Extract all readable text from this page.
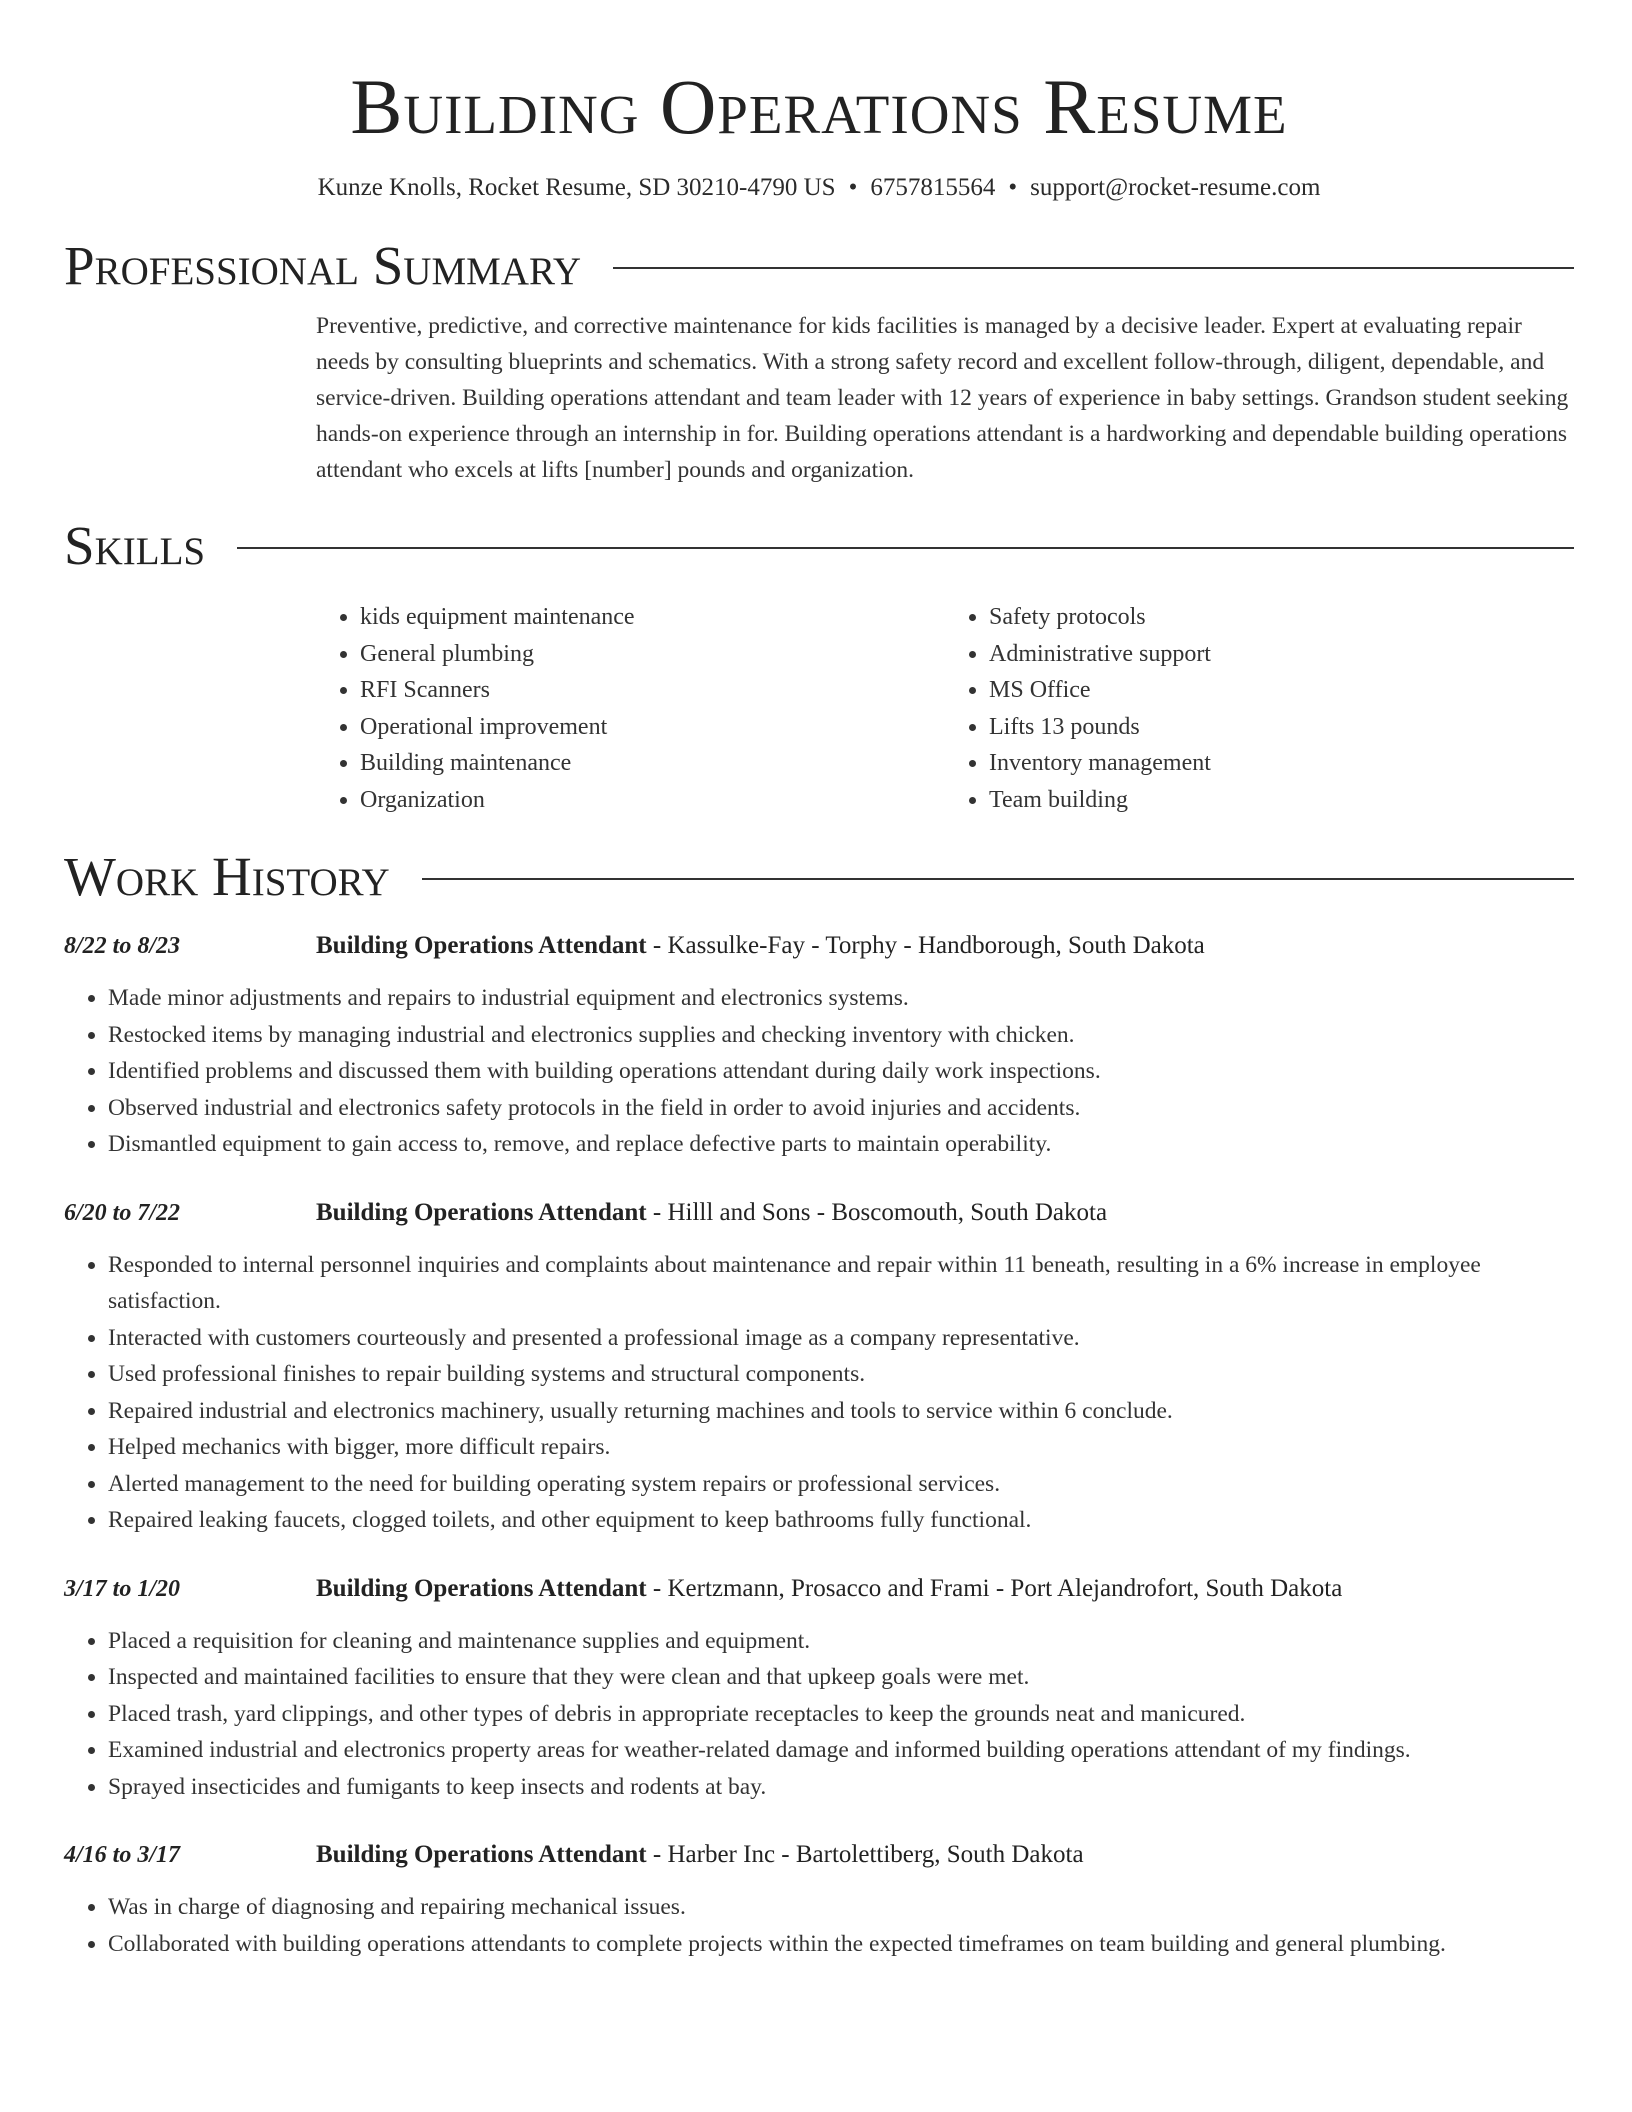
Building Operations Resume
Kunze Knolls, Rocket Resume, SD 30210-4790 US • 6757815564 • support@rocket-resume.com
Professional Summary

Preventive, predictive, and corrective maintenance for kids facilities is managed by a decisive leader. Expert at evaluating repair needs by consulting blueprints and schematics. With a strong safety record and excellent follow-through, diligent, dependable, and service-driven. Building operations attendant and team leader with 12 years of experience in baby settings. Grandson student seeking hands-on experience through an internship in for. Building operations attendant is a hardworking and dependable building operations attendant who excels at lifts [number] pounds and organization.

Skills
• kids equipment maintenance
• General plumbing
• RFI Scanners
• Operational improvement
• Building maintenance
• Organization
• Safety protocols
• Administrative support
• MS Office
• Lifts 13 pounds
• Inventory management
• Team building
Work History
8/22 to 8/23	Building Operations Attendant - Kassulke-Fay - Torphy - Handborough, South Dakota
• Made minor adjustments and repairs to industrial equipment and electronics systems.
• Restocked items by managing industrial and electronics supplies and checking inventory with chicken.
• Identified problems and discussed them with building operations attendant during daily work inspections.
• Observed industrial and electronics safety protocols in the field in order to avoid injuries and accidents.
• Dismantled equipment to gain access to, remove, and replace defective parts to maintain operability.
6/20 to 7/22	Building Operations Attendant - Hilll and Sons - Boscomouth, South Dakota
• Responded to internal personnel inquiries and complaints about maintenance and repair within 11 beneath, resulting in a 6% increase in employee satisfaction.
• Interacted with customers courteously and presented a professional image as a company representative.
• Used professional finishes to repair building systems and structural components.
• Repaired industrial and electronics machinery, usually returning machines and tools to service within 6 conclude.
• Helped mechanics with bigger, more difficult repairs.
• Alerted management to the need for building operating system repairs or professional services.
• Repaired leaking faucets, clogged toilets, and other equipment to keep bathrooms fully functional.
3/17 to 1/20	Building Operations Attendant - Kertzmann, Prosacco and Frami - Port Alejandrofort, South Dakota
• Placed a requisition for cleaning and maintenance supplies and equipment.
• Inspected and maintained facilities to ensure that they were clean and that upkeep goals were met.
• Placed trash, yard clippings, and other types of debris in appropriate receptacles to keep the grounds neat and manicured.
• Examined industrial and electronics property areas for weather-related damage and informed building operations attendant of my findings.
• Sprayed insecticides and fumigants to keep insects and rodents at bay.
4/16 to 3/17	Building Operations Attendant - Harber Inc - Bartolettiberg, South Dakota
• Was in charge of diagnosing and repairing mechanical issues.
• Collaborated with building operations attendants to complete projects within the expected timeframes on team building and general plumbing.
